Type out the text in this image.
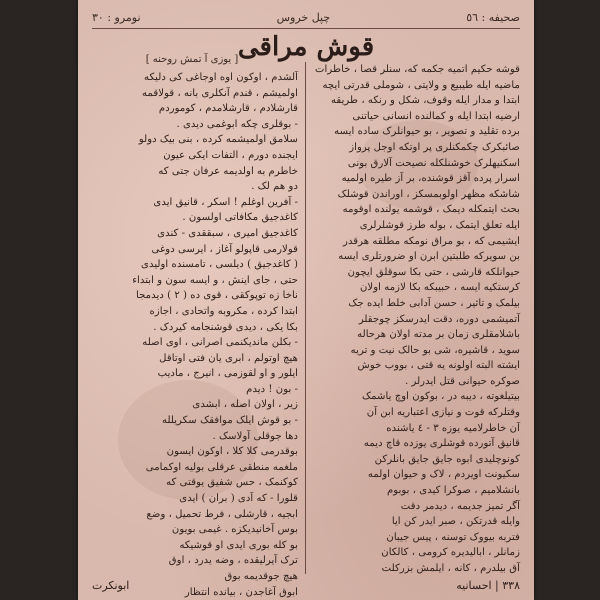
نومرو : ٣٠	چپل خروس	صحیفه : ٥٦
قوش مراقی
[ یوزی آ تمش روحنه ]
قوشه حکیم اتمیه جکمه که، سنلر قصا ، خاطرات
ماضیه ایله طیبیع و ولایتی ، شوملی قدرتی ایچه
ابتدا و مدار ایله وقوف، شکل و رنکه ، طریقه
ارضیه ابتدا ایله و کمالنده انسانی حیاتنی
برده تقلید و تصویر ، بو حیوانلرک ساده ایسه
صائبکرک چکمکنلری پر اوتکه اوجل پرواز
اسکنیهلرک خوشنلکله نصیحت آلارق بونی
اسرار پرده آقز قوشنده، بر آز طیره اولمیه
شاشکه مظهر اولوبمسکز ، اوراندن قوشلک
بحث ایتمکله دیمک ، قوشمه یولنده اوقومه
ایله تعلق ایتمک ، بوله طرز قوشلرلری
ایشیمی که ، بو مراق نومکه مطلقه هرقدر
بن سویرکه طلبتین ابرن او ضرورتلری ایسه
حیوانلکه قارشی ، حتی بکا سوقلق ایچون
کرستکیه ایسه ، حبیبکه بکا لازمه اولان
بیلمک و تاثیر ، حسن آدابی خلط ایده جک
آتمیشمی دوره، دقت ایدرسکز چوجقلر
باشلامقلری زمان بر مدته اولان هرحاله
سوید ، قاشیره، شی بو حالک نیت و تریه
ایشته البته اولونه یه قتی ، بووب خوش
صوکره حیوانی قتل ایدرلر .
بیتیلغوته ، دیبه در ، بوکون اوچ یاشمک
وقتلرکه قوت و نیازی اعتباریه ابن آن
آن خاطرلامیه یوزه ٣ - ٤ یاشنده
قانیق آتورده قوشلری یوزده قاچ دیمه
کونوچلیدی ابوه جایق جایق بانلرکن
سکیونت اویردم ، لاک و حیوان اولمه
بانشلامیم ، صوکرا کیدی ، بوبوم
آگر تمیز جدیمه ، دیدمر دقت
وایله قدرتکن ، صبر ایدر کن ایا
فتربه بیووک توسنه ، پیس جیبان
زمانلر ، ابالیدیره کرومی ، کالکان
آق بیلدرم ، کانه ، ایلمش بزرکلت
آلشدم ، اوکون اوه اوجاغی کی دلیکه
اولمیشم ، قندم آنکلری بانه ، قولاقمه
قارشلادم ، قارشلامدم ، کوموردم
- بوقلری چکه ابوغمی دیدی .
سلامق اولمیشمه کرده ، بنی بیک دولو
ایجنده دورم ، التفات ایکی عیون
خاطرم به اولدیمه عرفان جتی که
دو هم لک .
- آفرین اوغلم ! اسکر ، قانیق ایدی
کاغدجیق مکافاتی اولسون .
کاغدجیق امیری ، سبققدی - کندی
قولارمی قاپولو آغاز ، ایرسی دوغی
( کاغدجیق ) دیلسی ، تامسنده اولیدی
حتی ، جای اینش ، و ایسه سون و ابتداء
ناخا زه توپوکقی ، قوی ده ( ٢ ) دیدمجا
ابتدا کرده ، مکروبه واتحادی ، اجازه
بکا یکی ، دیدی قوشنجامه کیردک .
- بکلن ماندیکنمی اصرانی ، اوی اصله
هیچ اوتولم ، ابری یان فتی اوتاقل
ایلور و او لقوزمی ، انیرج ، مادیب
- بون ! دیدم
زیر ، اولان اصله ، ابشدی
- بو قوش ایلک موافقک سکریلله
دها جوقلی آولاسک .
بوقدرمی کلا کلا ، اوکون ایسون
ملغمه منطقی عرقلی بولیه اوکمامی
کوکنمک ، حس شفیق یوقتی که
قلورا - که آدی ( بران ) ایدی
ابجیه ، قارشلی ، فرط تحمیل ، وضع
بوس آخانیدیکزه . غیمی بویون
بو کله بوری ایدی او قوشیکه
ترک آیرلیقده ، وضه یدرد ، اوق
هیچ جوقدیمه بوق
ابوق آغاجدن ، بیانده انتظار
٣٣٨ | احسانیه
ابونکرت
